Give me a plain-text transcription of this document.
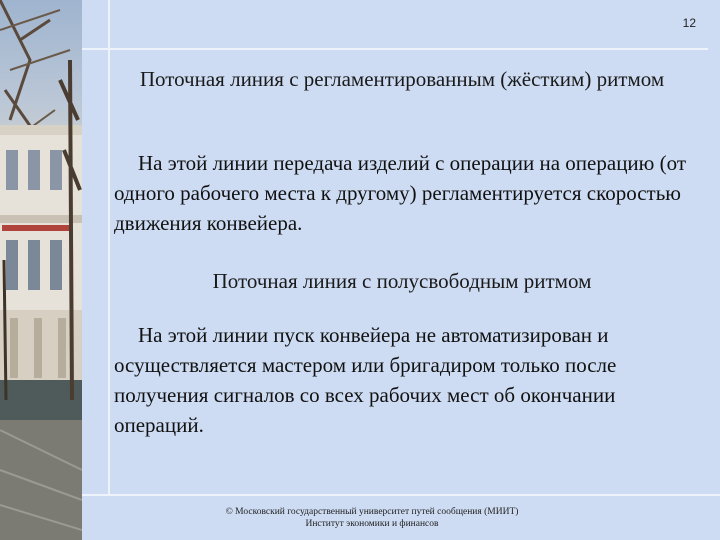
12
Поточная линия с регламентированным (жёстким) ритмом
На этой линии передача изделий с операции на операцию (от одного рабочего места к другому) регламентируется скоростью движения конвейера.
Поточная линия с полусвободным ритмом
На этой линии пуск конвейера не автоматизирован и осуществляется мастером или бригадиром только после получения сигналов со всех рабочих мест об окончании операций.
© Московский государственный университет путей сообщения (МИИТ)
Институт экономики и финансов
